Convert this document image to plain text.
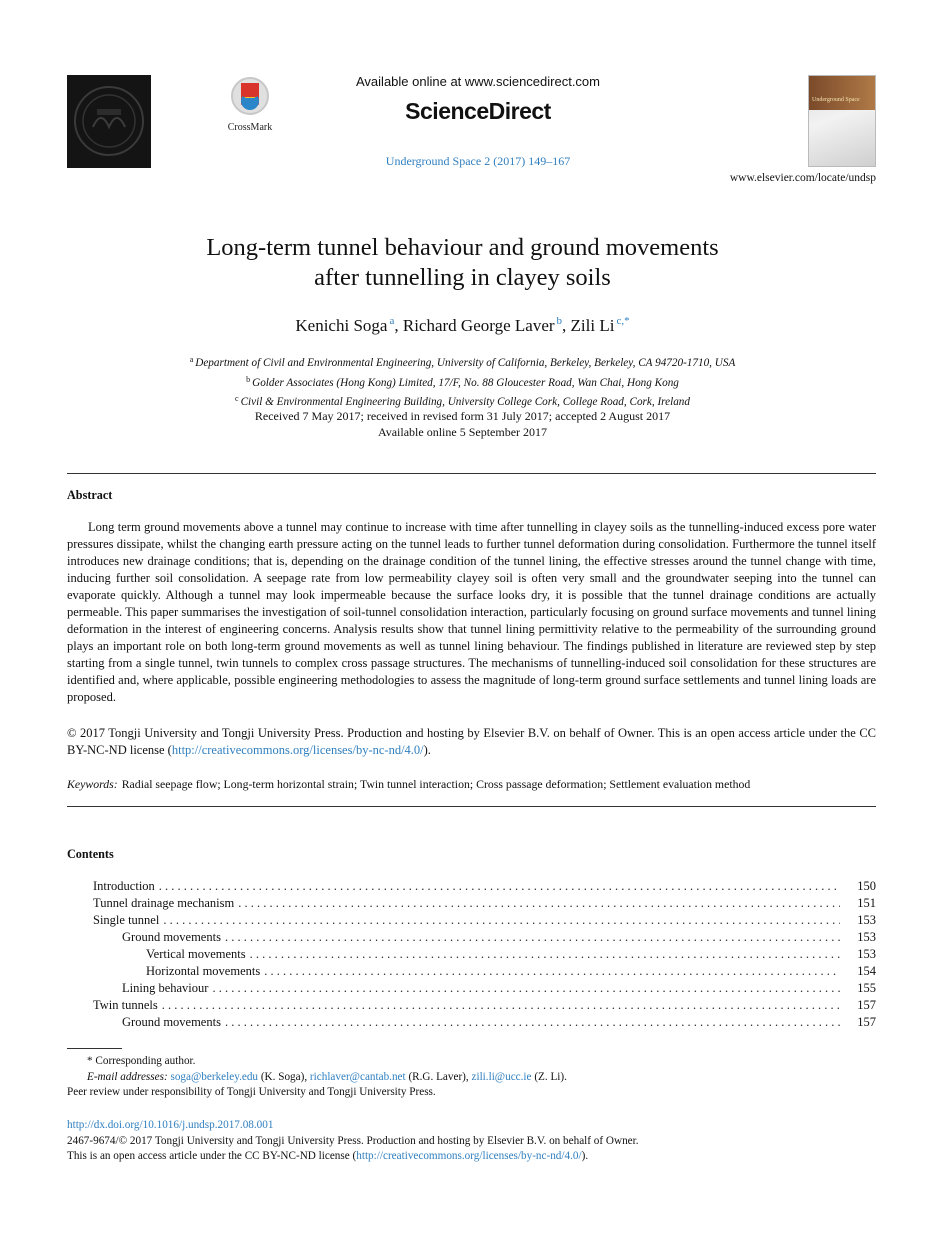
CrossMark
Available online at www.sciencedirect.com
ScienceDirect
Underground Space 2 (2017) 149–167
Underground Space
www.elsevier.com/locate/undsp
Long-term tunnel behaviour and ground movements
after tunnelling in clayey soils
Kenichi Soga $^a$, Richard George Laver $^b$, Zili Li $^{c,*}$
$^a$ Department of Civil and Environmental Engineering, University of California, Berkeley, Berkeley, CA 94720-1710, USA
$^b$ Golder Associates (Hong Kong) Limited, 17/F, No. 88 Gloucester Road, Wan Chai, Hong Kong
$^c$ Civil & Environmental Engineering Building, University College Cork, College Road, Cork, Ireland
Received 7 May 2017; received in revised form 31 July 2017; accepted 2 August 2017
Available online 5 September 2017
Abstract

Long term ground movements above a tunnel may continue to increase with time after tunnelling in clayey soils as the tunnelling-induced excess pore water pressures dissipate, whilst the changing earth pressure acting on the tunnel leads to further tunnel deformation during consolidation. Furthermore the tunnel itself introduces new drainage conditions; that is, depending on the drainage condition of the tunnel lining, the effective stresses around the tunnel change with time, inducing further soil consolidation. A seepage rate from low permeability clayey soil is often very small and the groundwater seeping into the tunnel can evaporate quickly. Although a tunnel may look impermeable because the surface looks dry, it is possible that the tunnel drainage conditions are actually permeable. This paper summarises the investigation of soil-tunnel consolidation interaction, particularly focusing on ground surface movements and tunnel lining deformation in the interest of engineering concerns. Analysis results show that tunnel lining permittivity relative to the permeability of the surrounding ground plays an important role on both long-term ground movements as well as tunnel lining behaviour. The findings published in literature are reviewed step by step starting from a single tunnel, twin tunnels to complex cross passage structures. The mechanisms of tunnelling-induced soil consolidation for these structures are identified and, where applicable, possible engineering methodologies to assess the magnitude of long-term ground surface settlements and tunnel lining loads are proposed.

© 2017 Tongji University and Tongji University Press. Production and hosting by Elsevier B.V. on behalf of Owner. This is an open access article under the CC BY-NC-ND license (http://creativecommons.org/licenses/by-nc-nd/4.0/).

Keywords: Radial seepage flow; Long-term horizontal strain; Twin tunnel interaction; Cross passage deformation; Settlement evaluation method
Contents
Introduction . . .	150
Tunnel drainage mechanism . . .	151
Single tunnel . . .	153
Ground movements . . .	153
Vertical movements . . .	153
Horizontal movements . . .	154
Lining behaviour . . .	155
Twin tunnels . . .	157
Ground movements . . .	157
* Corresponding author.
E-mail addresses: soga@berkeley.edu (K. Soga), richlaver@cantab.net (R.G. Laver), zili.li@ucc.ie (Z. Li).
Peer review under responsibility of Tongji University and Tongji University Press.
http://dx.doi.org/10.1016/j.undsp.2017.08.001
2467-9674/© 2017 Tongji University and Tongji University Press. Production and hosting by Elsevier B.V. on behalf of Owner.
This is an open access article under the CC BY-NC-ND license (http://creativecommons.org/licenses/by-nc-nd/4.0/).
